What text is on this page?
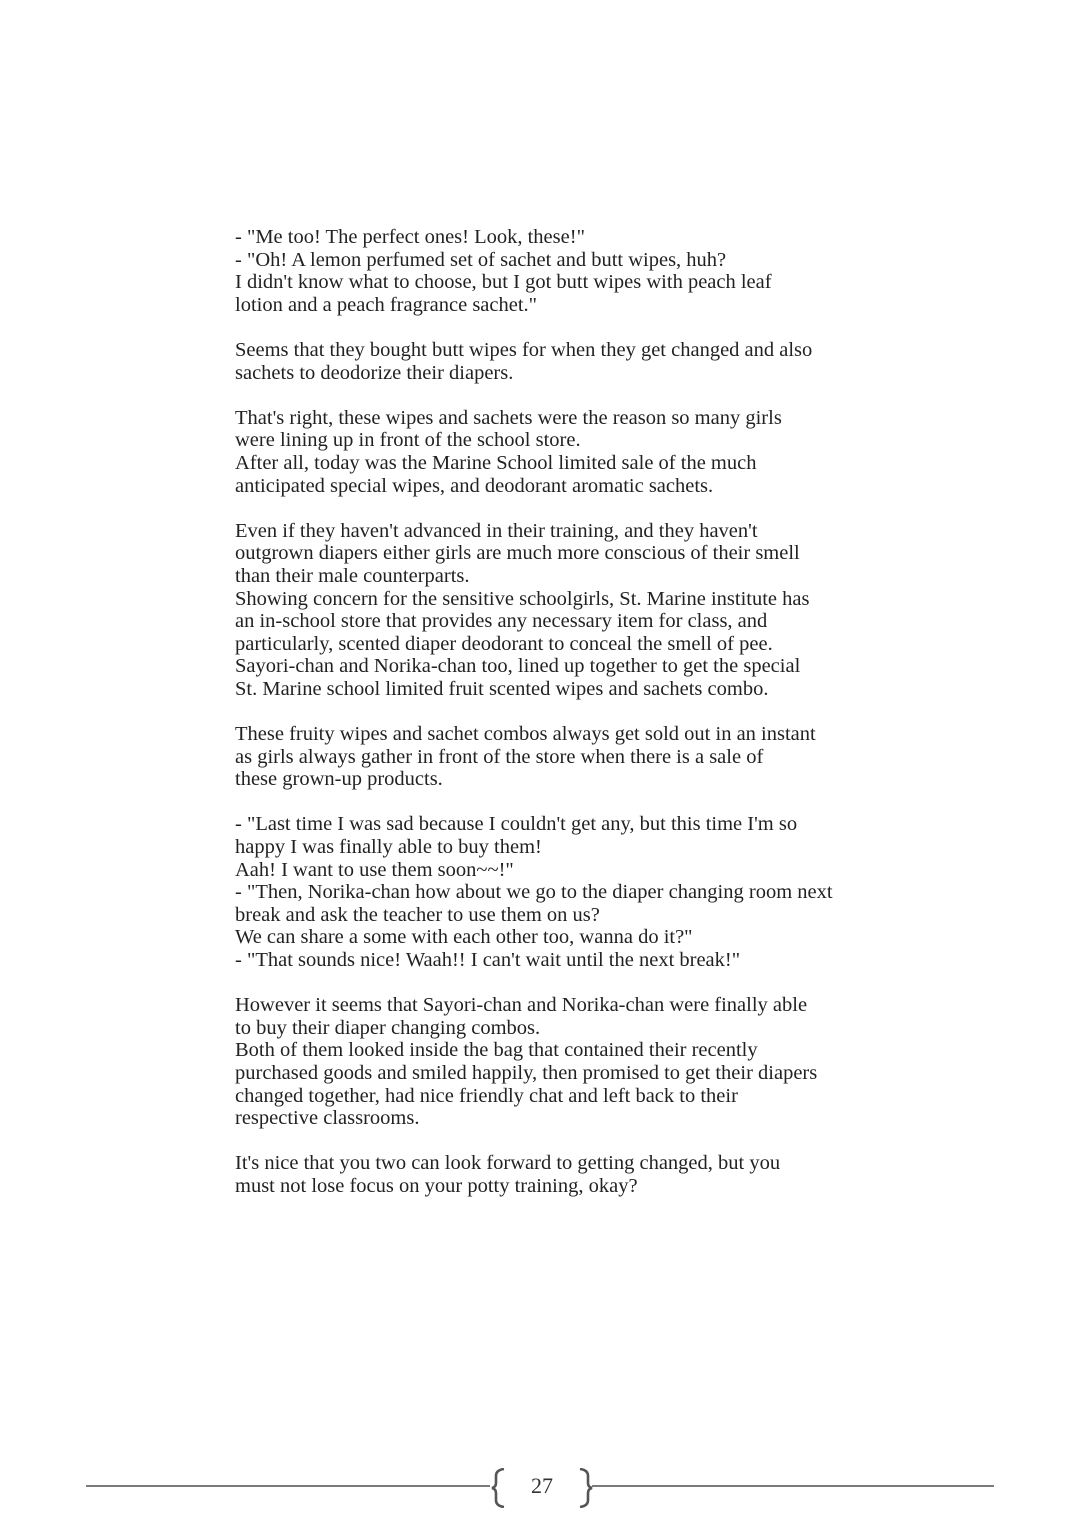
- "Me too! The perfect ones! Look, these!"
- "Oh! A lemon perfumed set of sachet and butt wipes, huh?
I didn't know what to choose, but I got butt wipes with peach leaf
lotion and a peach fragrance sachet."
Seems that they bought butt wipes for when they get changed and also
sachets to deodorize their diapers.
That's right, these wipes and sachets were the reason so many girls
were lining up in front of the school store.
After all, today was the Marine School limited sale of the much
anticipated special wipes, and deodorant aromatic sachets.
Even if they haven't advanced in their training, and they haven't
outgrown diapers either girls are much more conscious of their smell
than their male counterparts.
Showing concern for the sensitive schoolgirls, St. Marine institute has
an in-school store that provides any necessary item for class, and
particularly, scented diaper deodorant to conceal the smell of pee.
Sayori-chan and Norika-chan too, lined up together to get the special
St. Marine school limited fruit scented wipes and sachets combo.
These fruity wipes and sachet combos always get sold out in an instant
as girls always gather in front of the store when there is a sale of
these grown-up products.
- "Last time I was sad because I couldn't get any, but this time I'm so
happy I was finally able to buy them!
Aah! I want to use them soon~~!"
- "Then, Norika-chan how about we go to the diaper changing room next
break and ask the teacher to use them on us?
We can share a some with each other too, wanna do it?"
- "That sounds nice! Waah!! I can't wait until the next break!"
However it seems that Sayori-chan and Norika-chan were finally able
to buy their diaper changing combos.
Both of them looked inside the bag that contained their recently
purchased goods and smiled happily, then promised to get their diapers
changed together, had nice friendly chat and left back to their
respective classrooms.
It's nice that you two can look forward to getting changed, but you
must not lose focus on your potty training, okay?
27
